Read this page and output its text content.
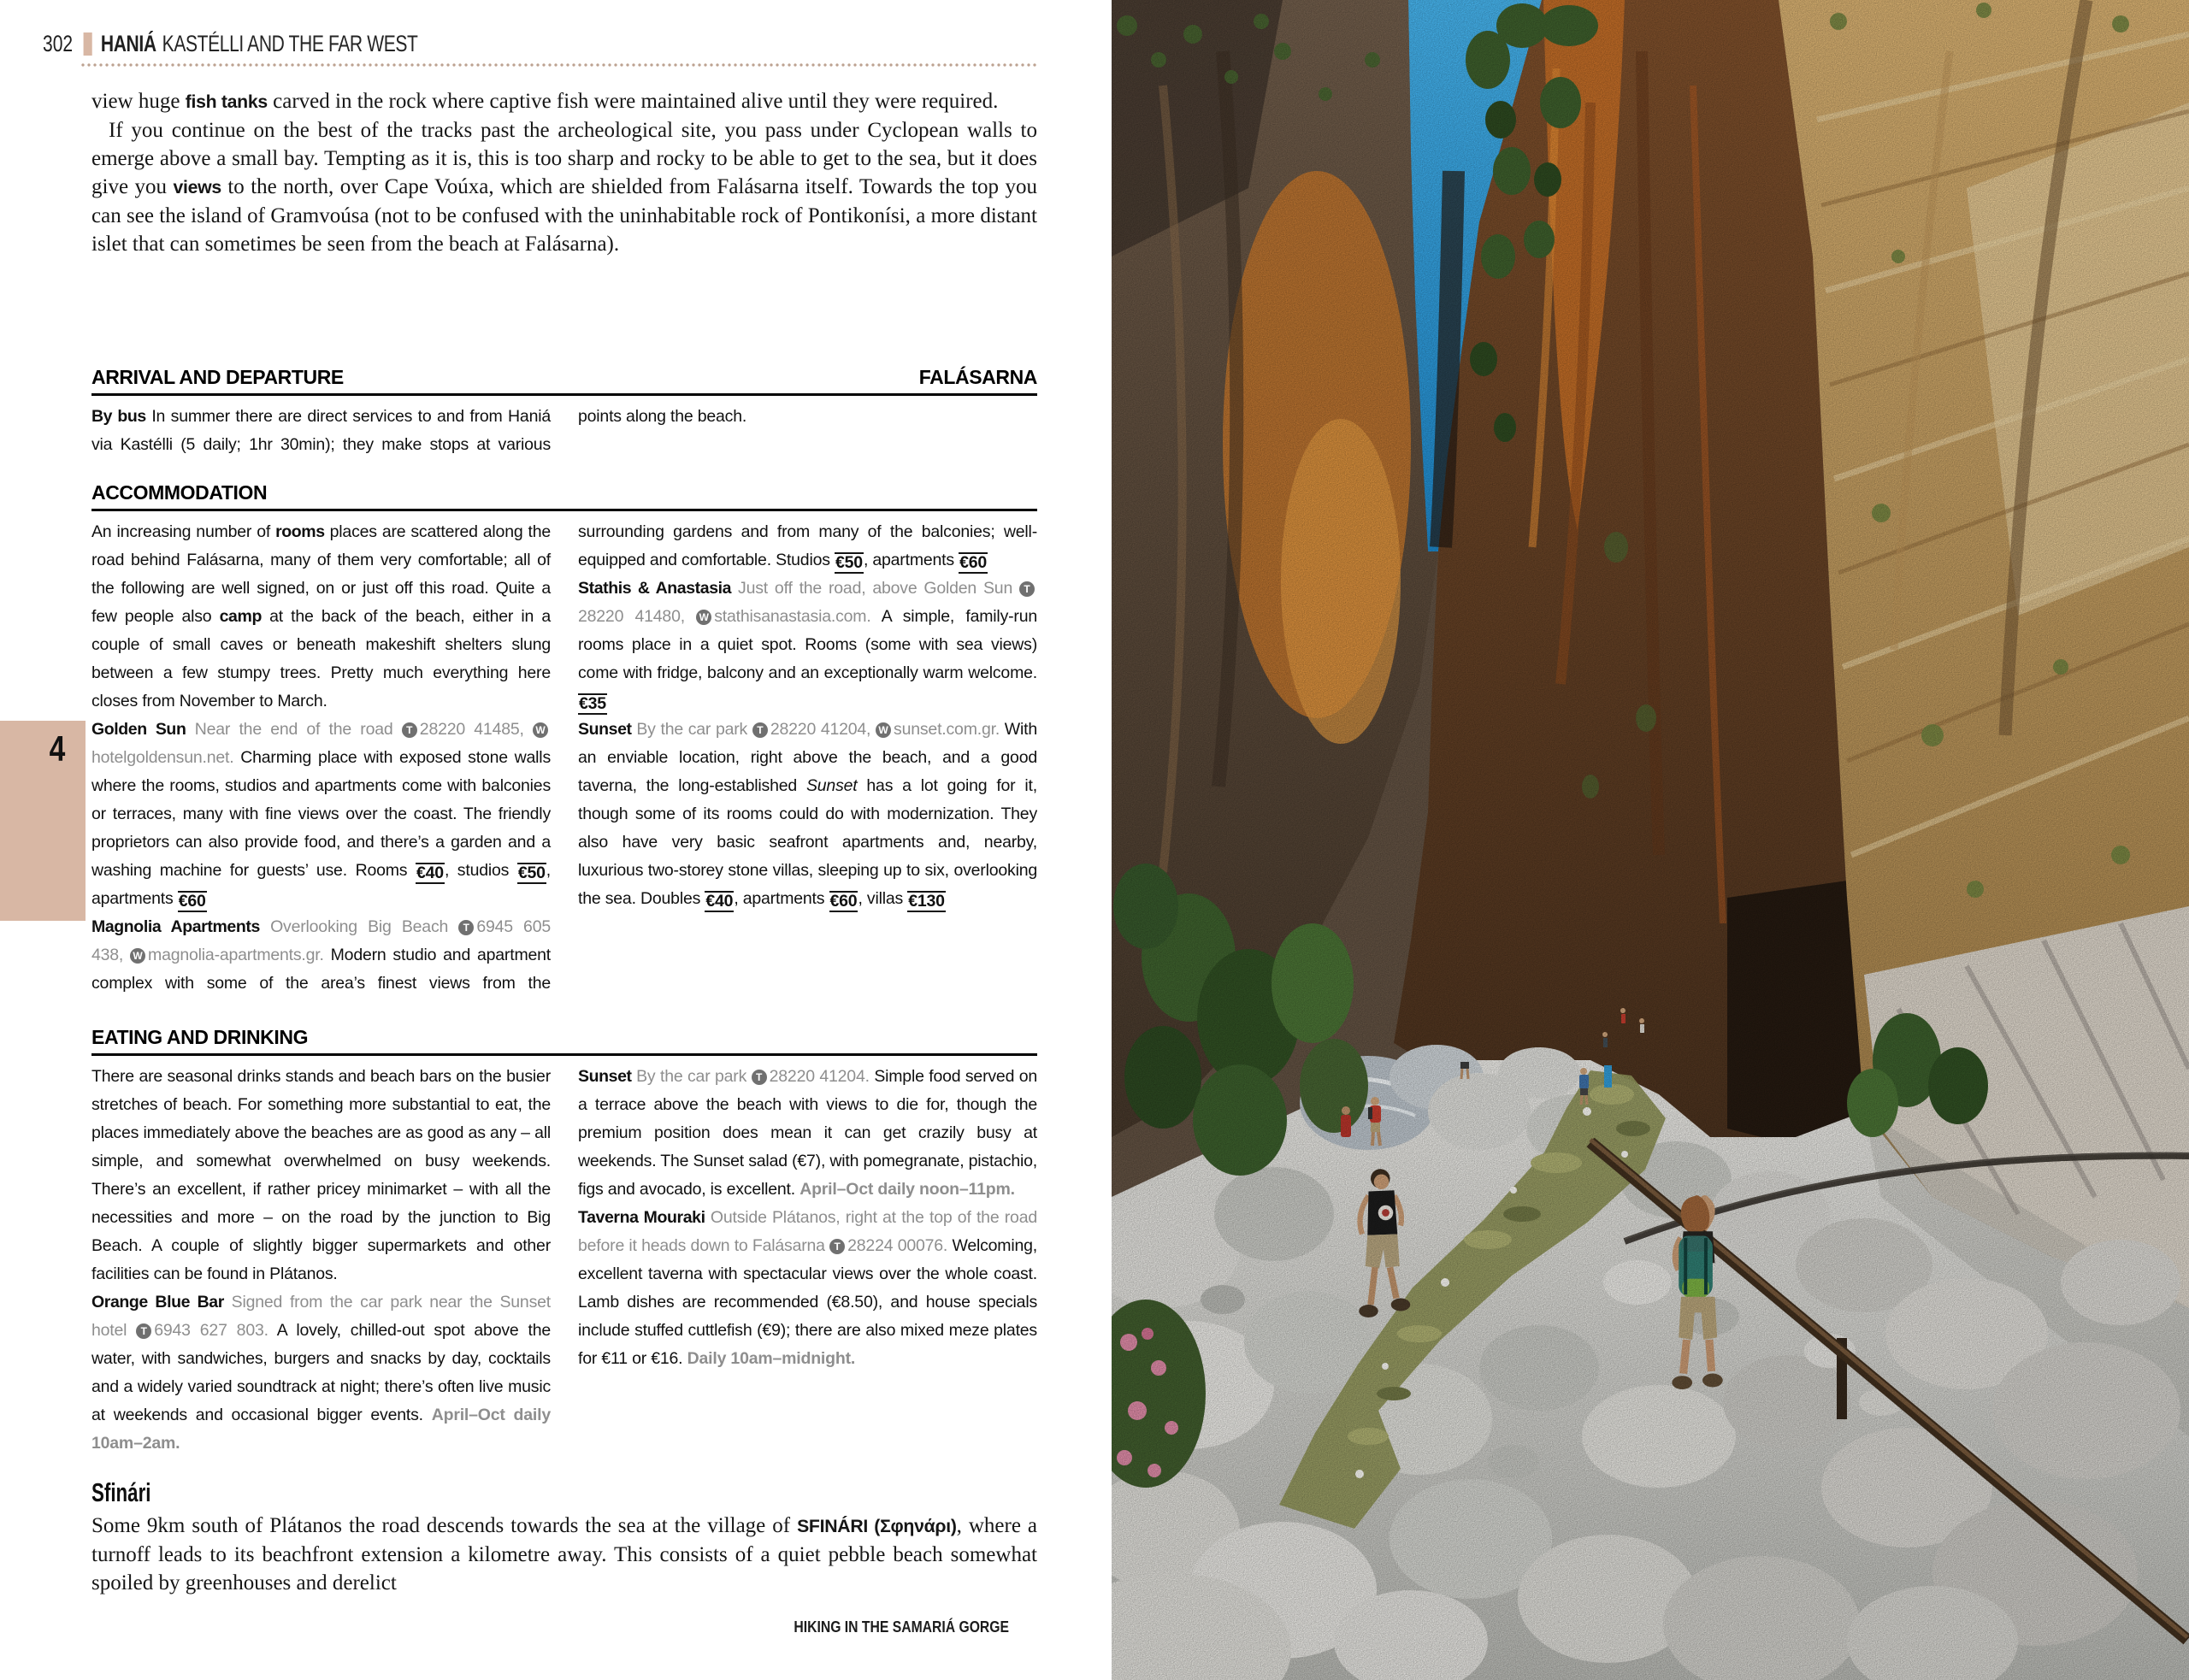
302 HANIÁ KASTÉLLI AND THE FAR WEST

view huge fish tanks carved in the rock where captive fish were maintained alive until they were required.

If you continue on the best of the tracks past the archeological site, you pass under Cyclopean walls to emerge above a small bay. Tempting as it is, this is too sharp and rocky to be able to get to the sea, but it does give you views to the north, over Cape Voúxa, which are shielded from Falásarna itself. Towards the top you can see the island of Gramvoúsa (not to be confused with the uninhabitable rock of Pontikonísi, a more distant islet that can sometimes be seen from the beach at Falásarna).

ARRIVAL AND DEPARTURE	FALÁSARNA

By bus In summer there are direct services to and from Haniá via Kastélli (5 daily; 1hr 30min); they make stops at various points along the beach.

ACCOMMODATION

An increasing number of rooms places are scattered along the road behind Falásarna, many of them very comfortable; all of the following are well signed, on or just off this road. Quite a few people also camp at the back of the beach, either in a couple of small caves or beneath makeshift shelters slung between a few stumpy trees. Pretty much everything here closes from November to March.

Golden Sun Near the end of the road T 28220 41485, Whotelgoldensun.net. Charming place with exposed stone walls where the rooms, studios and apartments come with balconies or terraces, many with fine views over the coast. The friendly proprietors can also provide food, and there’s a garden and a washing machine for guests’ use. Rooms €40, studios €50, apartments €60

Magnolia Apartments Overlooking Big Beach T 6945 605 438, W magnolia-apartments.gr. Modern studio and apartment complex with some of the area’s finest views from the surrounding gardens and from many of the balconies; well-equipped and comfortable. Studios €50, apartments €60

Stathis & Anastasia Just off the road, above Golden Sun T28220 41480, W stathisanastasia.com. A simple, family-run rooms place in a quiet spot. Rooms (some with sea views) come with fridge, balcony and an exceptionally warm welcome. €35

Sunset By the car park T 28220 41204, W sunset.com.gr. With an enviable location, right above the beach, and a good taverna, the long-established Sunset has a lot going for it, though some of its rooms could do with modernization. They also have very basic seafront apartments and, nearby, luxurious two-storey stone villas, sleeping up to six, overlooking the sea. Doubles €40, apartments €60, villas €130

EATING AND DRINKING

There are seasonal drinks stands and beach bars on the busier stretches of beach. For something more substantial to eat, the places immediately above the beaches are as good as any – all simple, and somewhat overwhelmed on busy weekends. There’s an excellent, if rather pricey minimarket – with all the necessities and more – on the road by the junction to Big Beach. A couple of slightly bigger supermarkets and other facilities can be found in Plátanos.

Orange Blue Bar Signed from the car park near the Sunset hotel T 6943 627 803. A lovely, chilled-out spot above the water, with sandwiches, burgers and snacks by day, cocktails and a widely varied soundtrack at night; there’s often live music at weekends and occasional bigger events. April–Oct daily 10am–2am.

Sunset By the car park T 28220 41204. Simple food served on a terrace above the beach with views to die for, though the premium position does mean it can get crazily busy at weekends. The Sunset salad (€7), with pomegranate, pistachio, figs and avocado, is excellent. April–Oct daily noon–11pm.

Taverna Mouraki Outside Plátanos, right at the top of the road before it heads down to Falásarna T 28224 00076. Welcoming, excellent taverna with spectacular views over the whole coast. Lamb dishes are recommended (€8.50), and house specials include stuffed cuttlefish (€9); there are also mixed meze plates for €11 or €16. Daily 10am–midnight.

Sfinári

Some 9km south of Plátanos the road descends towards the sea at the village of SFINÁRI (Σφηνάρι), where a turnoff leads to its beachfront extension a kilometre away. This consists of a quiet pebble beach somewhat spoiled by greenhouses and derelict

HIKING IN THE SAMARIÁ GORGE
4
